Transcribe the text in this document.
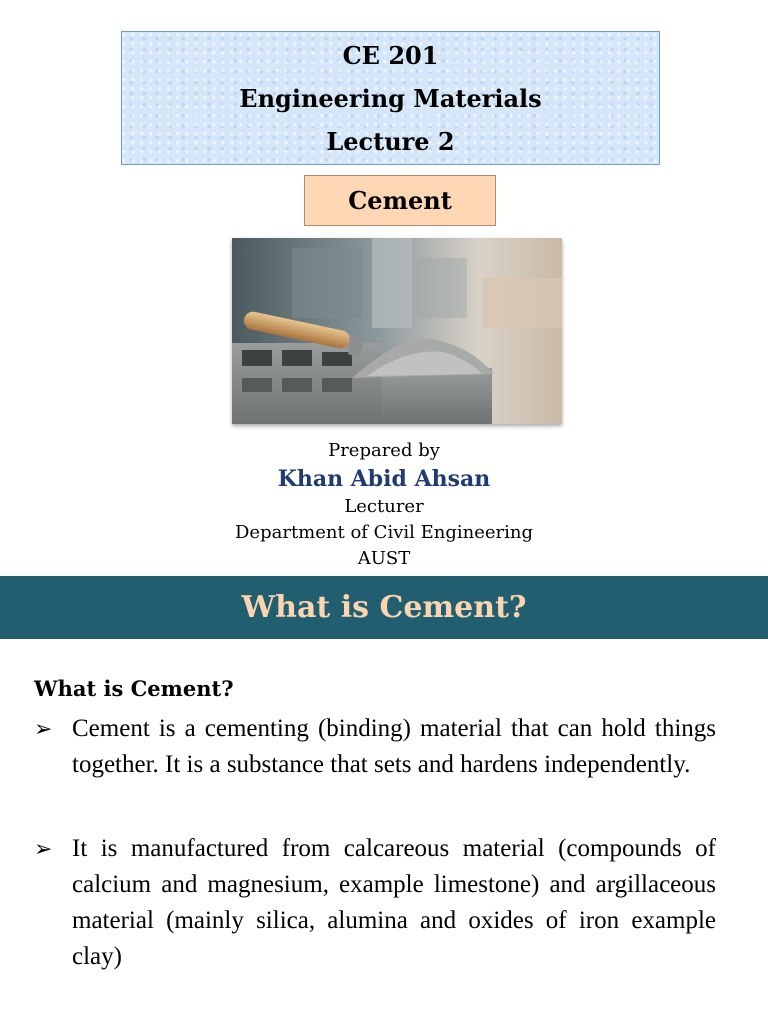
CE 201
Engineering Materials
Lecture 2
Cement
Prepared by
Khan Abid Ahsan
Lecturer
Department of Civil Engineering
AUST
What is Cement?
What is Cement?
➢ Cement is a cementing (binding) material that can hold things together. It is a substance that sets and hardens independently.
➢ It is manufactured from calcareous material (compounds of calcium and magnesium, example limestone) and argillaceous material (mainly silica, alumina and oxides of iron example clay)
